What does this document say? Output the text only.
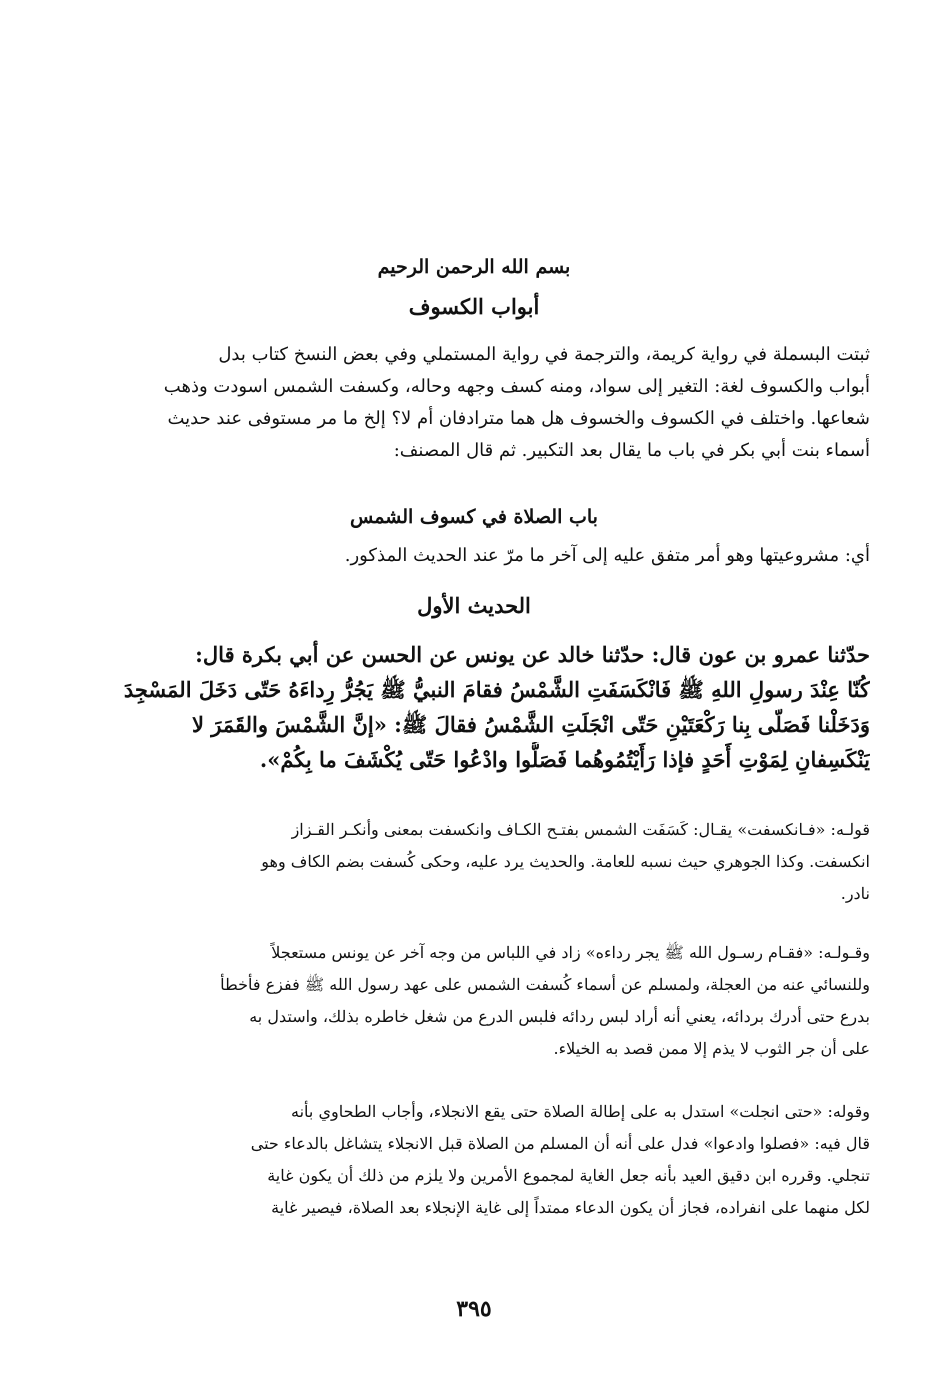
بسم الله الرحمن الرحيم
أبواب الكسوف
ثبتت البسملة في رواية كريمة، والترجمة في رواية المستملي وفي بعض النسخ كتاب بدل
أبواب والكسوف لغة: التغير إلى سواد، ومنه كسف وجهه وحاله، وكسفت الشمس اسودت وذهب
شعاعها. واختلف في الكسوف والخسوف هل هما مترادفان أم لا؟ إلخ ما مر مستوفى عند حديث
أسماء بنت أبي بكر في باب ما يقال بعد التكبير. ثم قال المصنف:
باب الصلاة في كسوف الشمس
أي: مشروعيتها وهو أمر متفق عليه إلى آخر ما مرّ عند الحديث المذكور.
الحديث الأول
حدّثنا عمرو بن عون قال: حدّثنا خالد عن يونس عن الحسن عن أبي بكرة قال:
كُنّا عِنْدَ رسولِ اللهِ ﷺ فَانْكَسَفَتِ الشَّمْسُ فقامَ النبيُّ ﷺ يَجُرُّ رِداءَهُ حَتّى دَخَلَ المَسْجِدَ
وَدَخَلْنا فَصَلّى بِنا رَكْعَتَيْنِ حَتّى انْجَلَتِ الشَّمْسُ فقالَ ﷺ: «إنَّ الشَّمْسَ والقَمَرَ لا
يَنْكَسِفانِ لِمَوْتِ أَحَدٍ فإذا رَأَيْتُمُوهُما فَصَلُّوا وادْعُوا حَتّى يُكْشَفَ ما بِكُمْ».
قولـه: «فـانكسفت» يقـال: كَسَفَت الشمس بفتـح الكـاف وانكسفت بمعنى وأنكـر القـزاز
انكسفت. وكذا الجوهري حيث نسبه للعامة. والحديث يرد عليه، وحكى كُسفت بضم الكاف وهو
نادر.
وقـولـه: «فقـام رسـول الله ﷺ يجر رداءه» زاد في اللباس من وجه آخر عن يونس مستعجلاً
وللنسائي عنه من العجلة، ولمسلم عن أسماء كُسفت الشمس على عهد رسول الله ﷺ ففزع فأخطأ
بدرع حتى أدرك بردائه، يعني أنه أراد لبس ردائه فلبس الدرع من شغل خاطره بذلك، واستدل به
على أن جر الثوب لا يذم إلا ممن قصد به الخيلاء.
وقوله: «حتى انجلت» استدل به على إطالة الصلاة حتى يقع الانجلاء، وأجاب الطحاوي بأنه
قال فيه: «فصلوا وادعوا» فدل على أنه أن المسلم من الصلاة قبل الانجلاء يتشاغل بالدعاء حتى
تنجلي. وقرره ابن دقيق العيد بأنه جعل الغاية لمجموع الأمرين ولا يلزم من ذلك أن يكون غاية
لكل منهما على انفراده، فجاز أن يكون الدعاء ممتداً إلى غاية الإنجلاء بعد الصلاة، فيصير غاية
٣٩٥
